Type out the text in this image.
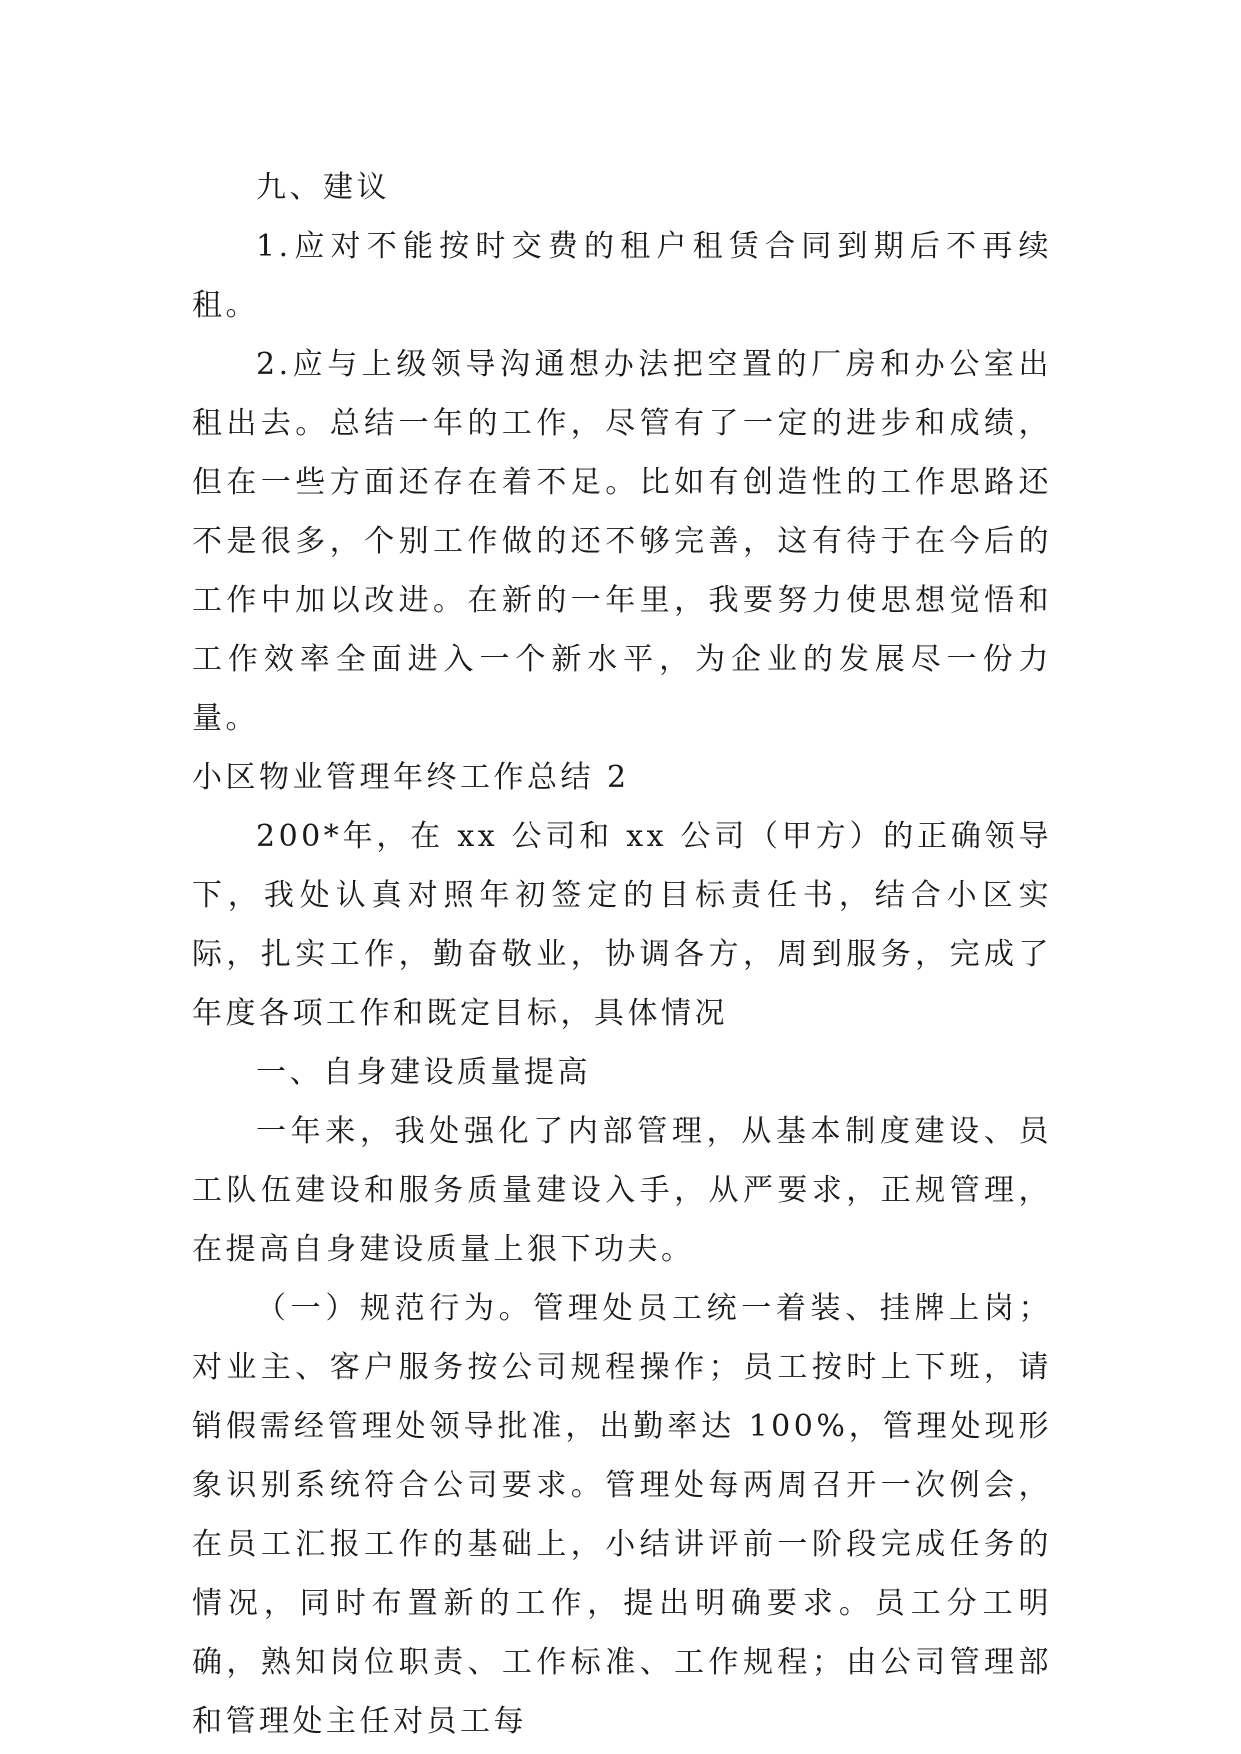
九、建议

1.应对不能按时交费的租户租赁合同到期后不再续租。

2.应与上级领导沟通想办法把空置的厂房和办公室出租出去。总结一年的工作，尽管有了一定的进步和成绩，但在一些方面还存在着不足。比如有创造性的工作思路还不是很多，个别工作做的还不够完善，这有待于在今后的工作中加以改进。在新的一年里，我要努力使思想觉悟和工作效率全面进入一个新水平，为企业的发展尽一份力量。

小区物业管理年终工作总结 2

200*年，在 xx 公司和 xx 公司（甲方）的正确领导下，我处认真对照年初签定的目标责任书，结合小区实际，扎实工作，勤奋敬业，协调各方，周到服务，完成了年度各项工作和既定目标，具体情况

一、自身建设质量提高

一年来，我处强化了内部管理，从基本制度建设、员工队伍建设和服务质量建设入手，从严要求，正规管理，在提高自身建设质量上狠下功夫。

（一）规范行为。管理处员工统一着装、挂牌上岗；对业主、客户服务按公司规程操作；员工按时上下班，请销假需经管理处领导批准，出勤率达 100%，管理处现形象识别系统符合公司要求。管理处每两周召开一次例会，在员工汇报工作的基础上，小结讲评前一阶段完成任务的情况，同时布置新的工作，提出明确要求。员工分工明确，熟知岗位职责、工作标准、工作规程；由公司管理部和管理处主任对员工每
